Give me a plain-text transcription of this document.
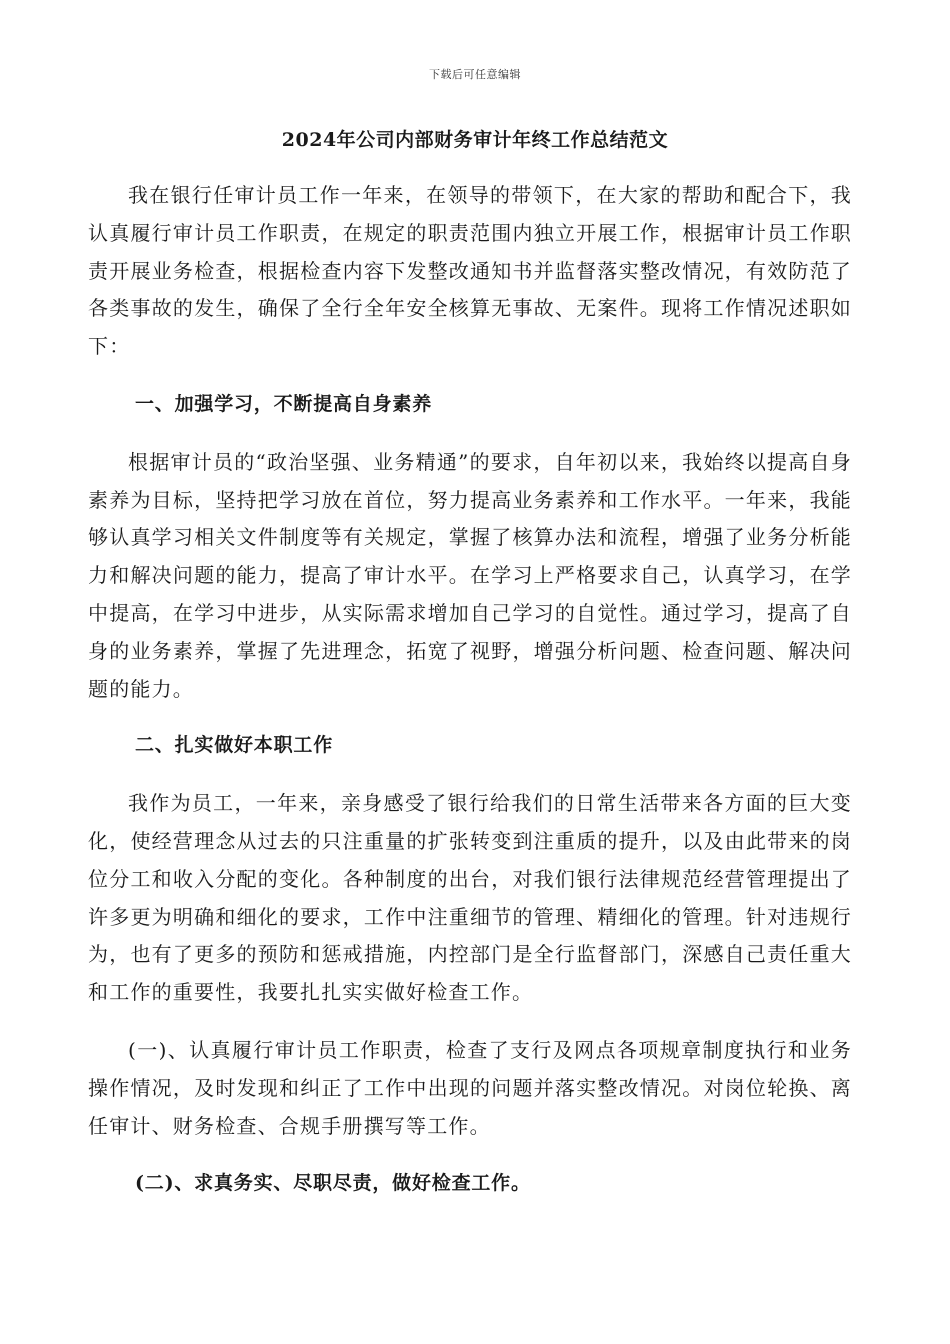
下载后可任意编辑
2024年公司内部财务审计年终工作总结范文

我在银行任审计员工作一年来，在领导的带领下，在大家的帮助和配合下，我认真履行审计员工作职责，在规定的职责范围内独立开展工作，根据审计员工作职责开展业务检查，根据检查内容下发整改通知书并监督落实整改情况，有效防范了各类事故的发生，确保了全行全年安全核算无事故、无案件。现将工作情况述职如下：

一、加强学习，不断提高自身素养

根据审计员的“政治坚强、业务精通”的要求，自年初以来，我始终以提高自身素养为目标，坚持把学习放在首位，努力提高业务素养和工作水平。一年来，我能够认真学习相关文件制度等有关规定，掌握了核算办法和流程，增强了业务分析能力和解决问题的能力，提高了审计水平。在学习上严格要求自己，认真学习，在学中提高，在学习中进步，从实际需求增加自己学习的自觉性。通过学习，提高了自身的业务素养，掌握了先进理念，拓宽了视野，增强分析问题、检查问题、解决问题的能力。

二、扎实做好本职工作

我作为员工，一年来，亲身感受了银行给我们的日常生活带来各方面的巨大变化，使经营理念从过去的只注重量的扩张转变到注重质的提升，以及由此带来的岗位分工和收入分配的变化。各种制度的出台，对我们银行法律规范经营管理提出了许多更为明确和细化的要求，工作中注重细节的管理、精细化的管理。针对违规行为，也有了更多的预防和惩戒措施，内控部门是全行监督部门，深感自己责任重大和工作的重要性，我要扎扎实实做好检查工作。

(一)、认真履行审计员工作职责，检查了支行及网点各项规章制度执行和业务操作情况，及时发现和纠正了工作中出现的问题并落实整改情况。对岗位轮换、离任审计、财务检查、合规手册撰写等工作。

(二)、求真务实、尽职尽责，做好检查工作。
